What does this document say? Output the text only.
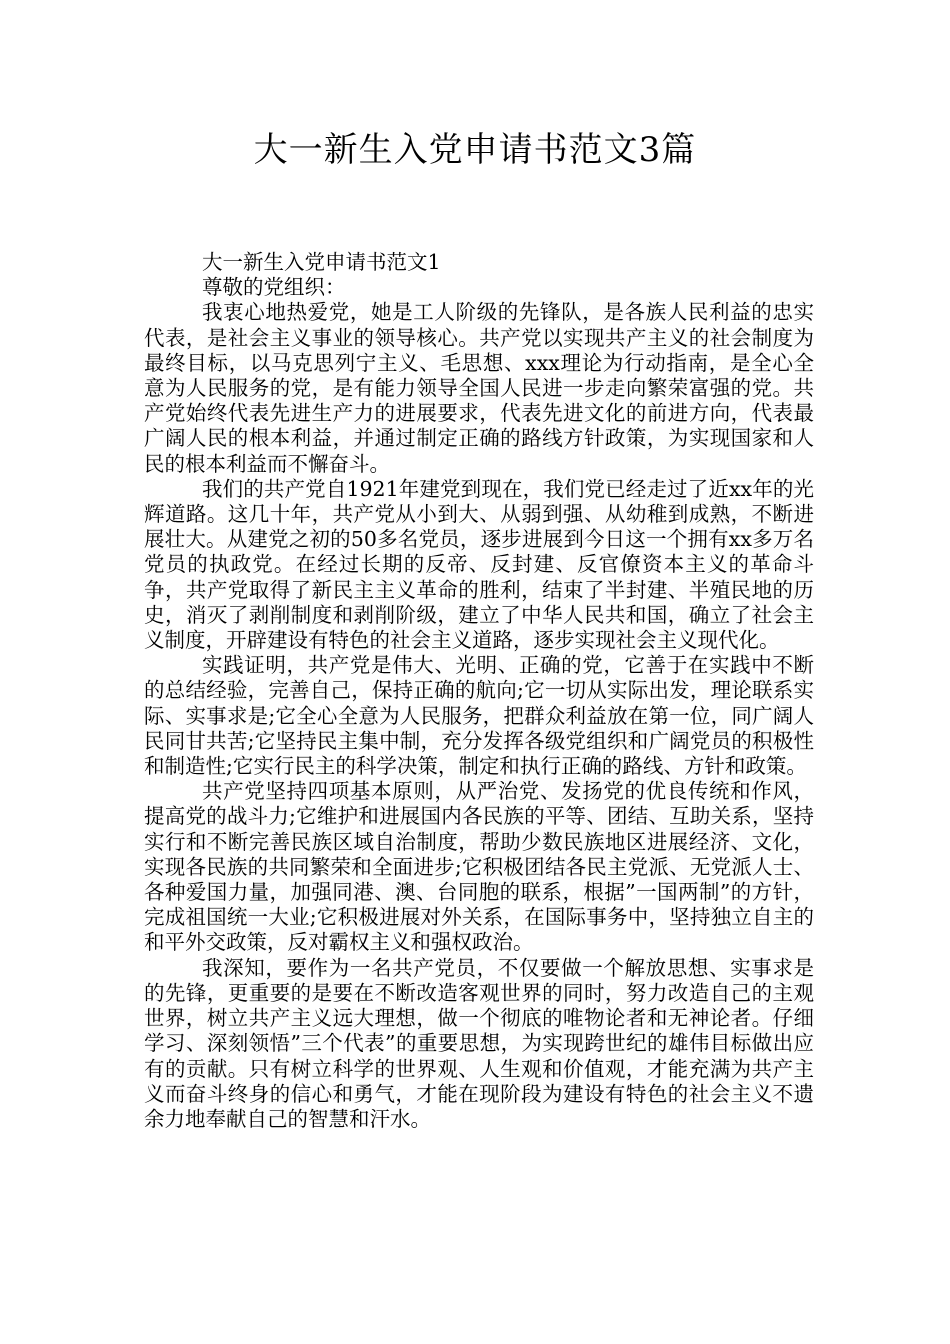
大一新生入党申请书范文3篇

大一新生入党申请书范文1

尊敬的党组织：

我衷心地热爱党，她是工人阶级的先锋队，是各族人民利益的忠实代表，是社会主义事业的领导核心。共产党以实现共产主义的社会制度为最终目标，以马克思列宁主义、毛思想、xxx理论为行动指南，是全心全意为人民服务的党，是有能力领导全国人民进一步走向繁荣富强的党。共产党始终代表先进生产力的进展要求，代表先进文化的前进方向，代表最广阔人民的根本利益，并通过制定正确的路线方针政策，为实现国家和人民的根本利益而不懈奋斗。

我们的共产党自1921年建党到现在，我们党已经走过了近xx年的光辉道路。这几十年，共产党从小到大、从弱到强、从幼稚到成熟，不断进展壮大。从建党之初的50多名党员，逐步进展到今日这一个拥有xx多万名党员的执政党。在经过长期的反帝、反封建、反官僚资本主义的革命斗争，共产党取得了新民主主义革命的胜利，结束了半封建、半殖民地的历史，消灭了剥削制度和剥削阶级，建立了中华人民共和国，确立了社会主义制度，开辟建设有特色的社会主义道路，逐步实现社会主义现代化。

实践证明，共产党是伟大、光明、正确的党，它善于在实践中不断的总结经验，完善自己，保持正确的航向;它一切从实际出发，理论联系实际、实事求是;它全心全意为人民服务，把群众利益放在第一位，同广阔人民同甘共苦;它坚持民主集中制，充分发挥各级党组织和广阔党员的积极性和制造性;它实行民主的科学决策，制定和执行正确的路线、方针和政策。

共产党坚持四项基本原则，从严治党、发扬党的优良传统和作风，提高党的战斗力;它维护和进展国内各民族的平等、团结、互助关系，坚持实行和不断完善民族区域自治制度，帮助少数民族地区进展经济、文化，实现各民族的共同繁荣和全面进步;它积极团结各民主党派、无党派人士、各种爱国力量，加强同港、澳、台同胞的联系，根据”一国两制”的方针，完成祖国统一大业;它积极进展对外关系，在国际事务中，坚持独立自主的和平外交政策，反对霸权主义和强权政治。

我深知，要作为一名共产党员，不仅要做一个解放思想、实事求是的先锋，更重要的是要在不断改造客观世界的同时，努力改造自己的主观世界，树立共产主义远大理想，做一个彻底的唯物论者和无神论者。仔细学习、深刻领悟”三个代表”的重要思想，为实现跨世纪的雄伟目标做出应有的贡献。只有树立科学的世界观、人生观和价值观，才能充满为共产主义而奋斗终身的信心和勇气，才能在现阶段为建设有特色的社会主义不遗余力地奉献自己的智慧和汗水。
